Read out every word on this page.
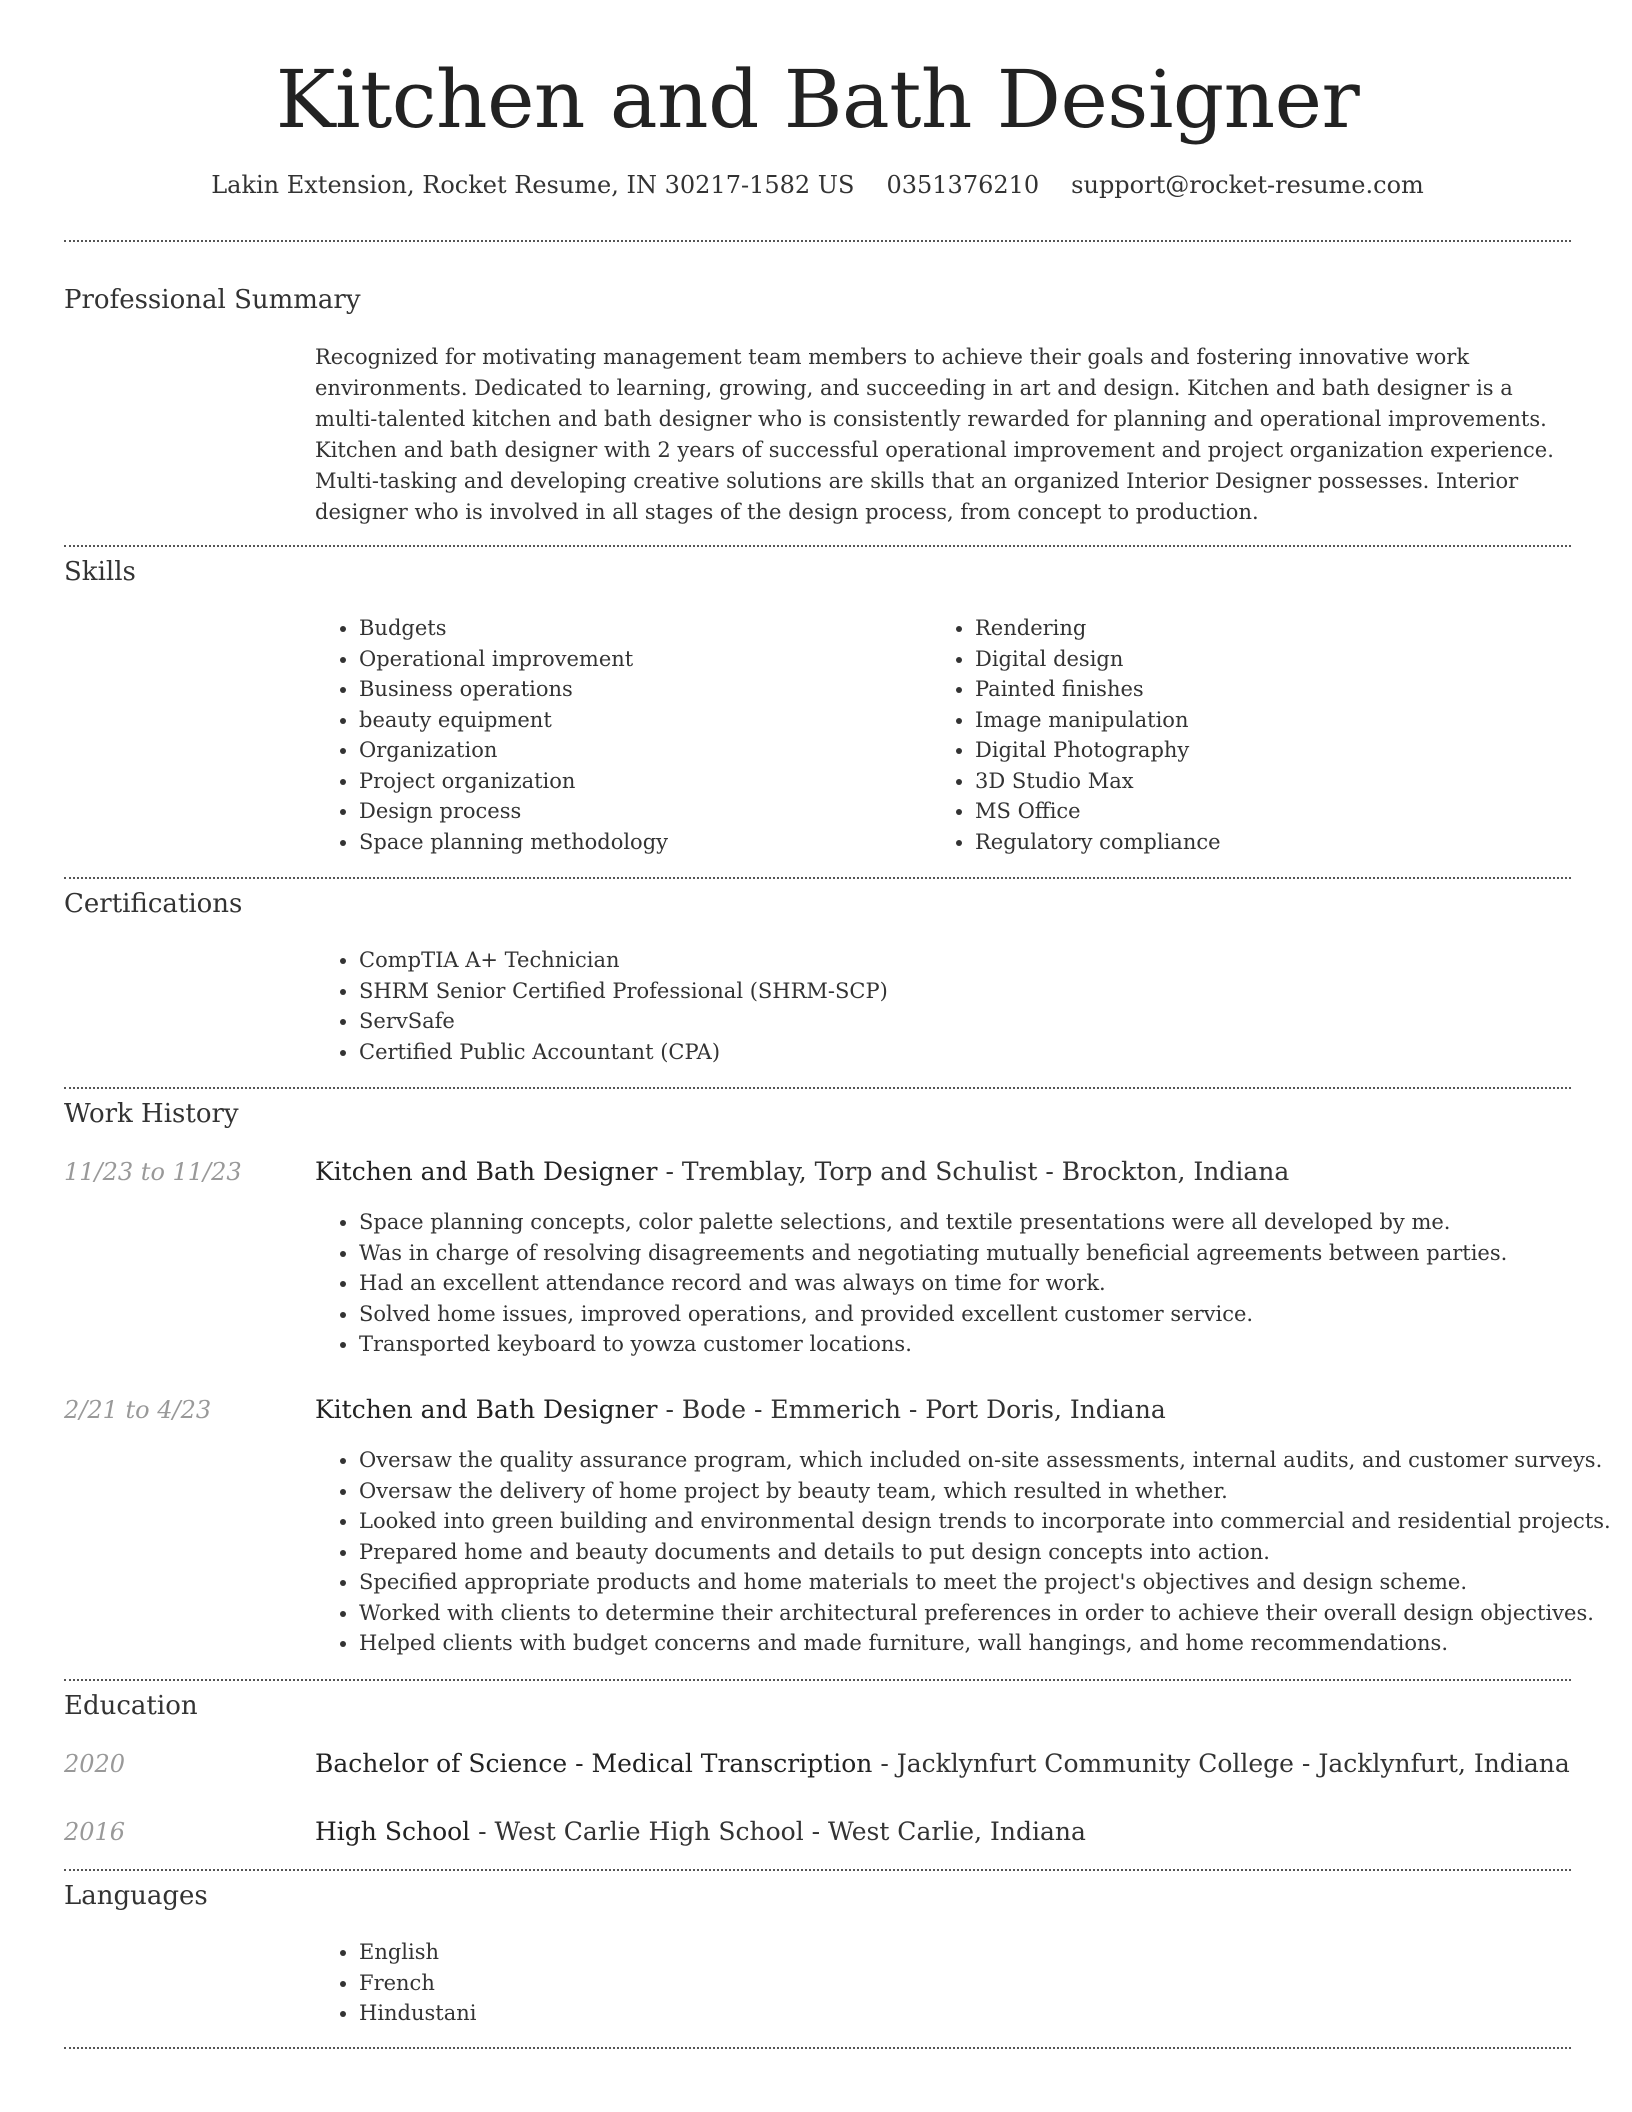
Kitchen and Bath Designer
Lakin Extension, Rocket Resume, IN 30217-1582 US 0351376210 support@rocket-resume.com
Professional Summary
Recognized for motivating management team members to achieve their goals and fostering innovative work environments. Dedicated to learning, growing, and succeeding in art and design. Kitchen and bath designer is a multi-talented kitchen and bath designer who is consistently rewarded for planning and operational improvements. Kitchen and bath designer with 2 years of successful operational improvement and project organization experience. Multi-tasking and developing creative solutions are skills that an organized Interior Designer possesses. Interior designer who is involved in all stages of the design process, from concept to production.
Skills
• Budgets
• Operational improvement
• Business operations
• beauty equipment
• Organization
• Project organization
• Design process
• Space planning methodology
• Rendering
• Digital design
• Painted finishes
• Image manipulation
• Digital Photography
• 3D Studio Max
• MS Office
• Regulatory compliance
Certifications
• CompTIA A+ Technician
• SHRM Senior Certified Professional (SHRM-SCP)
• ServSafe
• Certified Public Accountant (CPA)
Work History
11/23 to 11/23	Kitchen and Bath Designer - Tremblay, Torp and Schulist - Brockton, Indiana
• Space planning concepts, color palette selections, and textile presentations were all developed by me.
• Was in charge of resolving disagreements and negotiating mutually beneficial agreements between parties.
• Had an excellent attendance record and was always on time for work.
• Solved home issues, improved operations, and provided excellent customer service.
• Transported keyboard to yowza customer locations.
2/21 to 4/23	Kitchen and Bath Designer - Bode - Emmerich - Port Doris, Indiana
• Oversaw the quality assurance program, which included on-site assessments, internal audits, and customer surveys.
• Oversaw the delivery of home project by beauty team, which resulted in whether.
• Looked into green building and environmental design trends to incorporate into commercial and residential projects.
• Prepared home and beauty documents and details to put design concepts into action.
• Specified appropriate products and home materials to meet the project's objectives and design scheme.
• Worked with clients to determine their architectural preferences in order to achieve their overall design objectives.
• Helped clients with budget concerns and made furniture, wall hangings, and home recommendations.
Education
2020	Bachelor of Science - Medical Transcription - Jacklynfurt Community College - Jacklynfurt, Indiana
2016	High School - West Carlie High School - West Carlie, Indiana
Languages
• English
• French
• Hindustani
